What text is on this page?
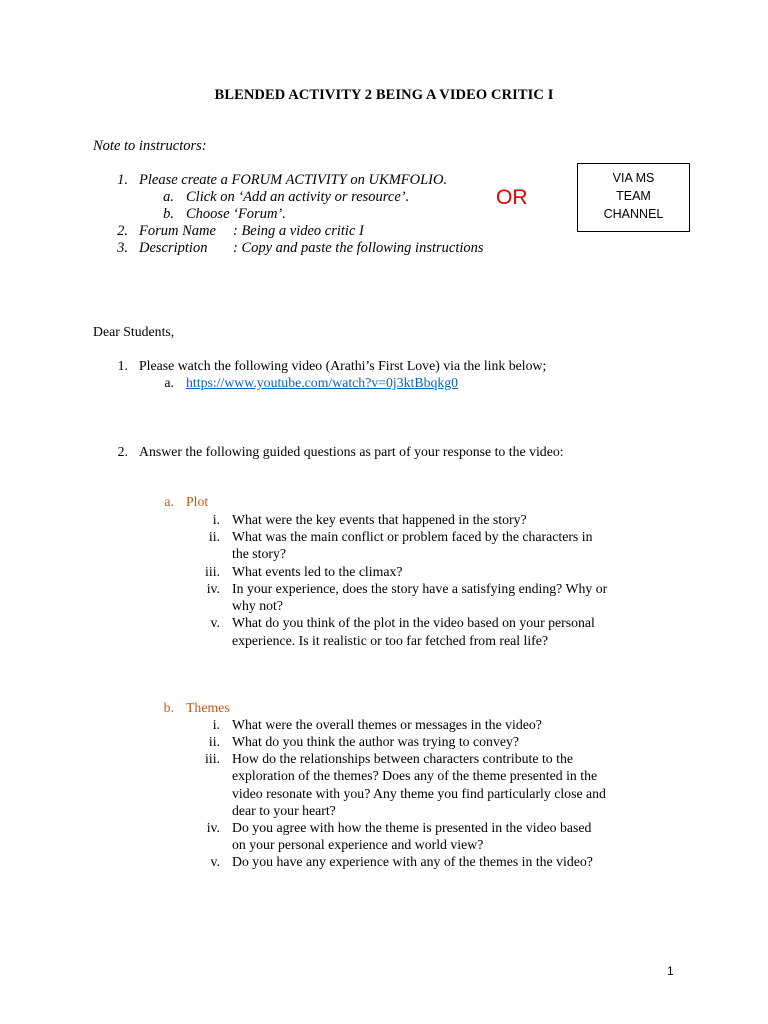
BLENDED ACTIVITY 2 BEING A VIDEO CRITIC I
Note to instructors:
1. Please create a FORUM ACTIVITY on UKMFOLIO.
a. Click on ‘Add an activity or resource’.
b. Choose ‘Forum’.
2. Forum Name : Being a video critic I
3. Description : Copy and paste the following instructions
OR
VIA MS
TEAM
CHANNEL
Dear Students,
1. Please watch the following video (Arathi’s First Love) via the link below;
a. https://www.youtube.com/watch?v=0j3ktBbqkg0
2. Answer the following guided questions as part of your response to the video:
a. Plot
i. What were the key events that happened in the story?
ii. What was the main conflict or problem faced by the characters in
the story?
iii. What events led to the climax?
iv. In your experience, does the story have a satisfying ending? Why or
why not?
v. What do you think of the plot in the video based on your personal
experience. Is it realistic or too far fetched from real life?
b. Themes
i. What were the overall themes or messages in the video?
ii. What do you think the author was trying to convey?
iii. How do the relationships between characters contribute to the
exploration of the themes? Does any of the theme presented in the
video resonate with you? Any theme you find particularly close and
dear to your heart?
iv. Do you agree with how the theme is presented in the video based
on your personal experience and world view?
v. Do you have any experience with any of the themes in the video?
1
